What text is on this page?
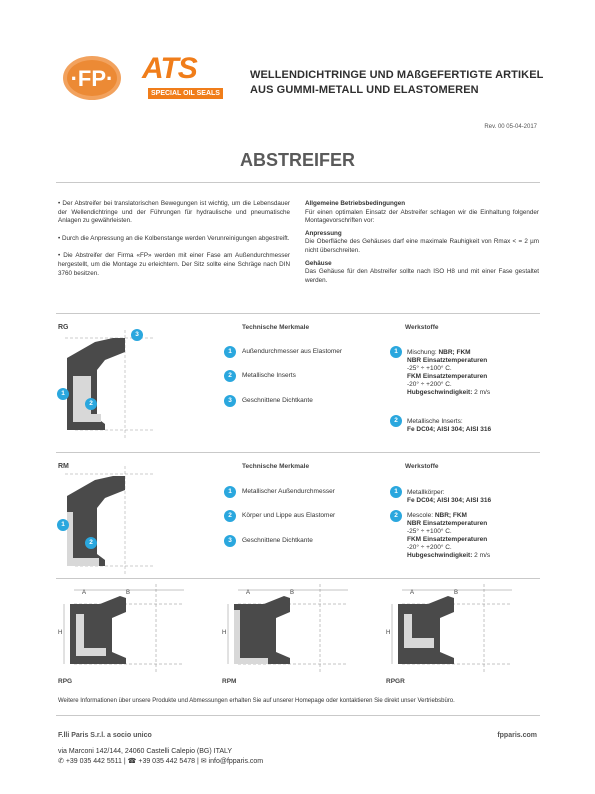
·FP· ATS
SPECIAL OIL SEALS
WELLENDICHTRINGE UND MAßGEFERTIGTE ARTIKEL
AUS GUMMI-METALL UND ELASTOMEREN
Rev. 00 05-04-2017
ABSTREIFER

• Der Abstreifer bei translatorischen Bewegungen ist wichtig, um die Lebensdauer der Wellendichtringe und der Führungen für hydraulische und pneumatische Anlagen zu gewährleisten.

• Durch die Anpressung an die Kolbenstange werden Verunreinigungen abgestreift.

• Die Abstreifer der Firma «FP» werden mit einer Fase am Außendurchmesser hergestellt, um die Montage zu erleichtern. Der Sitz sollte eine Schräge nach DIN 3760 besitzen.

Allgemeine Betriebsbedingungen

Für einen optimalen Einsatz der Abstreifer schlagen wir die Einhaltung folgender Montagevorschriften vor:

Anpressung

Die Oberfläche des Gehäuses darf eine maximale Rauhigkeit von Rmax < = 2 µm nicht überschreiten.

Gehäuse

Das Gehäuse für den Abstreifer sollte nach ISO H8 und mit einer Fase gestaltet werden.

RG
3
1
2
Technische Merkmale	Werkstoffe
1	Außendurchmesser aus Elastomer
2	Metallische Inserts
3	Geschnittene Dichtkante
1	Mischung: NBR; FKM
NBR Einsatztemperaturen
-25° ÷ +100° C.
FKM Einsatztemperaturen
-20° ÷ +200° C.
Hubgeschwindigkeit: 2 m/s
2	Metallische Inserts:
Fe DC04; AISI 304; AISI 316
RM
1
2
Technische Merkmale	Werkstoffe
1	Metallischer Außendurchmesser
2	Körper und Lippe aus Elastomer
3	Geschnittene Dichtkante
1	Metallkörper:
Fe DC04; AISI 304; AISI 316
2	Mescole: NBR; FKM
NBR Einsatztemperaturen
-25° ÷ +100° C.
FKM Einsatztemperaturen
-20° ÷ +200° C.
Hubgeschwindigkeit: 2 m/s
A	B
H
RPG
A	B
H
RPM
A	B
H
RPGR
Weitere Informationen über unsere Produkte und Abmessungen erhalten Sie auf unserer Homepage oder kontaktieren Sie direkt unser Vertriebsbüro.
F.lli Paris S.r.l. a socio unico	fpparis.com
via Marconi 142/144, 24060 Castelli Calepio (BG) ITALY
✆ +39 035 442 5511 | ☎ +39 035 442 5478 | ✉ info@fpparis.com
